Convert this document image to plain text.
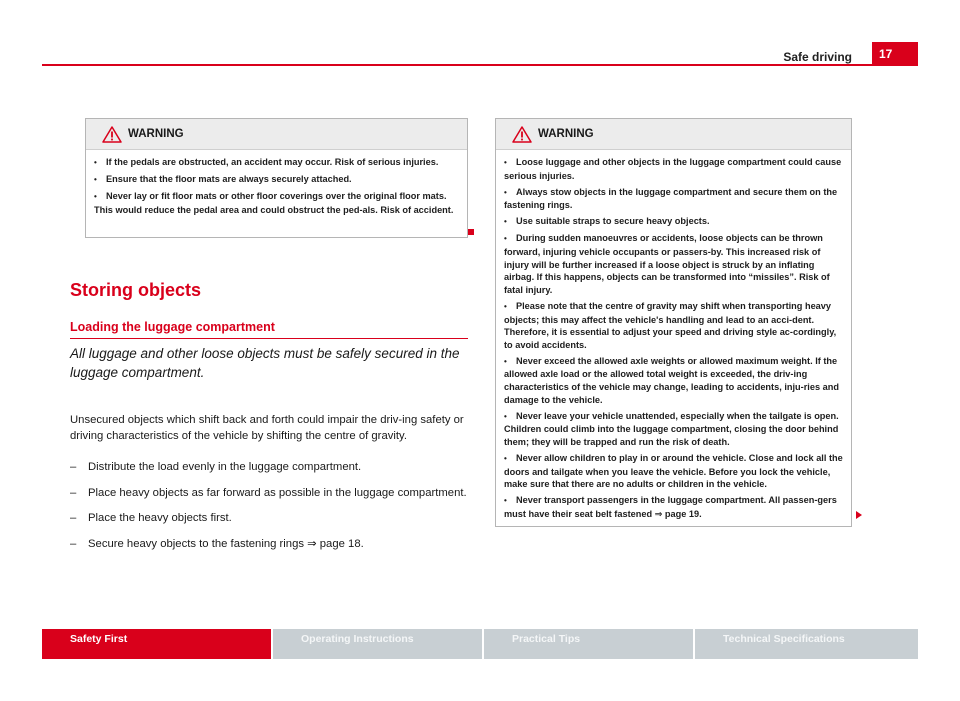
Safe driving	17
WARNING
• If the pedals are obstructed, an accident may occur. Risk of serious injuries.
• Ensure that the floor mats are always securely attached.
• Never lay or fit floor mats or other floor coverings over the original floor mats. This would reduce the pedal area and could obstruct the ped-als. Risk of accident.
Storing objects
Loading the luggage compartment
All luggage and other loose objects must be safely secured in the luggage compartment.
Unsecured objects which shift back and forth could impair the driv-ing safety or driving characteristics of the vehicle by shifting the centre of gravity.
– Distribute the load evenly in the luggage compartment.
– Place heavy objects as far forward as possible in the luggage compartment.
– Place the heavy objects first.
– Secure heavy objects to the fastening rings ⇒ page 18.
WARNING
• Loose luggage and other objects in the luggage compartment could cause serious injuries.
• Always stow objects in the luggage compartment and secure them on the fastening rings.
• Use suitable straps to secure heavy objects.
• During sudden manoeuvres or accidents, loose objects can be thrown forward, injuring vehicle occupants or passers-by. This increased risk of injury will be further increased if a loose object is struck by an inflating airbag. If this happens, objects can be transformed into “missiles”. Risk of fatal injury.
• Please note that the centre of gravity may shift when transporting heavy objects; this may affect the vehicle's handling and lead to an acci-dent. Therefore, it is essential to adjust your speed and driving style ac-cordingly, to avoid accidents.
• Never exceed the allowed axle weights or allowed maximum weight. If the allowed axle load or the allowed total weight is exceeded, the driv-ing characteristics of the vehicle may change, leading to accidents, inju-ries and damage to the vehicle.
• Never leave your vehicle unattended, especially when the tailgate is open. Children could climb into the luggage compartment, closing the door behind them; they will be trapped and run the risk of death.
• Never allow children to play in or around the vehicle. Close and lock all the doors and tailgate when you leave the vehicle. Before you lock the vehicle, make sure that there are no adults or children in the vehicle.
• Never transport passengers in the luggage compartment. All passen-gers must have their seat belt fastened ⇒ page 19.
Safety First	Operating Instructions	Practical Tips	Technical Specifications
